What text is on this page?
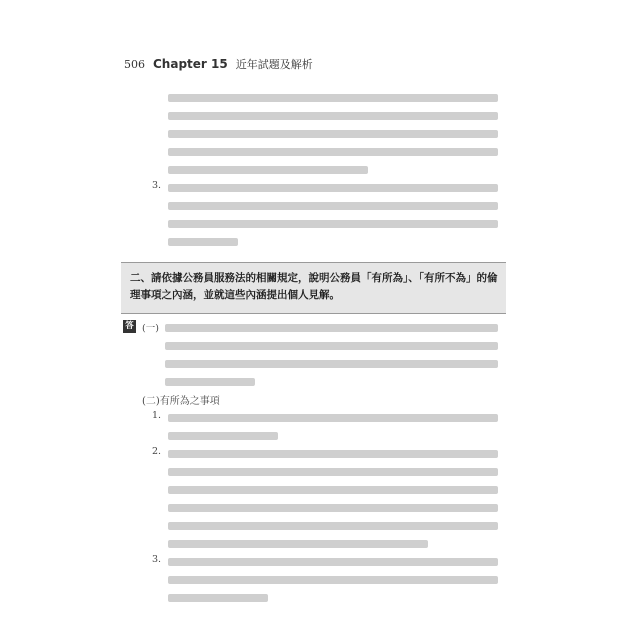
506 Chapter 15 近年試題及解析
3.
二、請依據公務員服務法的相關規定，說明公務員「有所為」、「有所不為」的倫理事項之內涵，並就這些內涵提出個人見解。
答 (一)
(二)有所為之事項
1.
2.
3.
